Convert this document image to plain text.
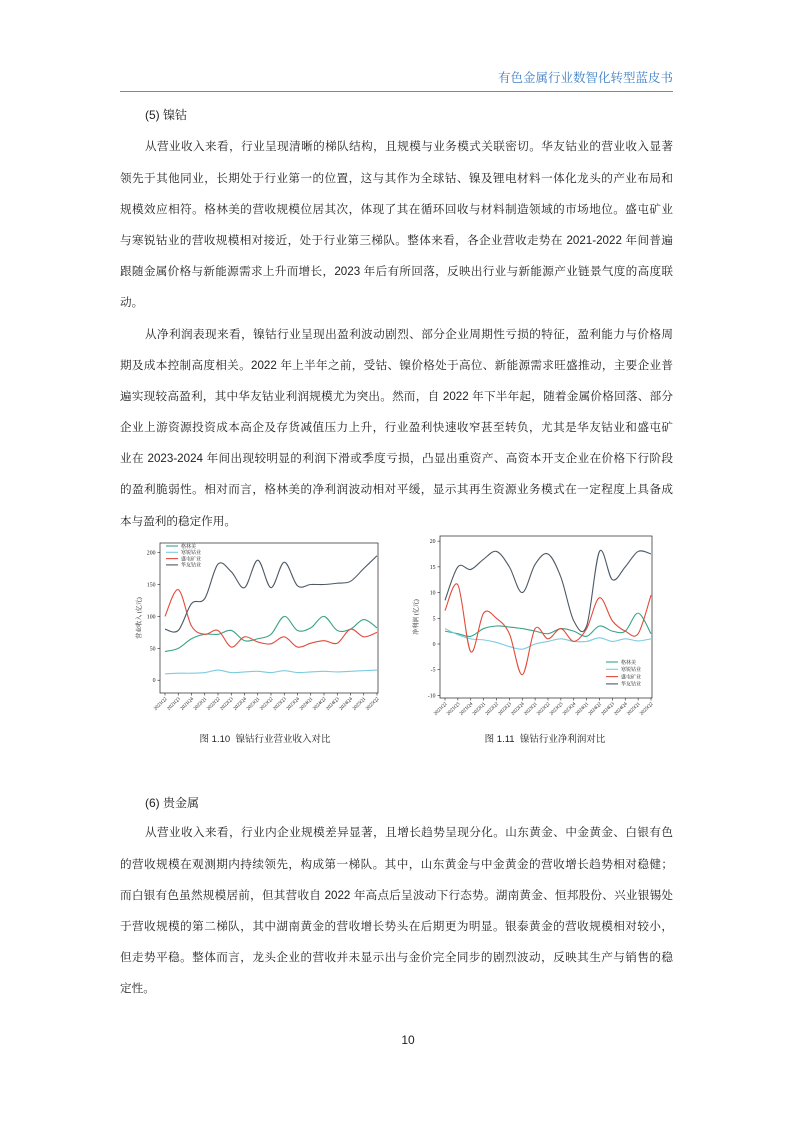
有色金属行业数智化转型蓝皮书
(5) 镍钴
从营业收入来看，行业呈现清晰的梯队结构，且规模与业务模式关联密切。华友钴业的营业收入显著
领先于其他同业，长期处于行业第一的位置，这与其作为全球钴、镍及锂电材料一体化龙头的产业布局和
规模效应相符。格林美的营收规模位居其次，体现了其在循环回收与材料制造领域的市场地位。盛屯矿业
与寒锐钴业的营收规模相对接近，处于行业第三梯队。整体来看，各企业营收走势在 2021-2022 年间普遍
跟随金属价格与新能源需求上升而增长，2023 年后有所回落，反映出行业与新能源产业链景气度的高度联
动。
从净利润表现来看，镍钴行业呈现出盈利波动剧烈、部分企业周期性亏损的特征，盈利能力与价格周
期及成本控制高度相关。2022 年上半年之前，受钴、镍价格处于高位、新能源需求旺盛推动，主要企业普
遍实现较高盈利，其中华友钴业利润规模尤为突出。然而，自 2022 年下半年起，随着金属价格回落、部分
企业上游资源投资成本高企及存货减值压力上升，行业盈利快速收窄甚至转负，尤其是华友钴业和盛屯矿
业在 2023-2024 年间出现较明显的利润下滑或季度亏损，凸显出重资产、高资本开支企业在价格下行阶段
的盈利脆弱性。相对而言，格林美的净利润波动相对平缓，显示其再生资源业务模式在一定程度上具备成
本与盈利的稳定作用。
0
50
100
150
200
2021Q2
2021Q3
2021Q4
2022Q1
2022Q2
2022Q3
2022Q4
2023Q1
2023Q2
2023Q3
2023Q4
2024Q1
2024Q2
2024Q3
2024Q4
2025Q1
2025Q2
营业收入 (亿元)
格林美
寒锐钴业
盛屯矿业
华友钴业
-10
-5
0
5
10
15
20
2021Q2
2021Q3
2021Q4
2022Q1
2022Q2
2022Q3
2022Q4
2023Q1
2023Q2
2023Q3
2023Q4
2024Q1
2024Q2
2024Q3
2024Q4
2025Q1
2025Q2
净利润 (亿元)
格林美
寒锐钴业
盛屯矿业
华友钴业
图 1.10  镍钴行业营业收入对比	图 1.11  镍钴行业净利润对比
(6) 贵金属
从营业收入来看，行业内企业规模差异显著，且增长趋势呈现分化。山东黄金、中金黄金、白银有色
的营收规模在观测期内持续领先，构成第一梯队。其中，山东黄金与中金黄金的营收增长趋势相对稳健；
而白银有色虽然规模居前，但其营收自 2022 年高点后呈波动下行态势。湖南黄金、恒邦股份、兴业银锡处
于营收规模的第二梯队，其中湖南黄金的营收增长势头在后期更为明显。银泰黄金的营收规模相对较小，
但走势平稳。整体而言，龙头企业的营收并未显示出与金价完全同步的剧烈波动，反映其生产与销售的稳
定性。
10
